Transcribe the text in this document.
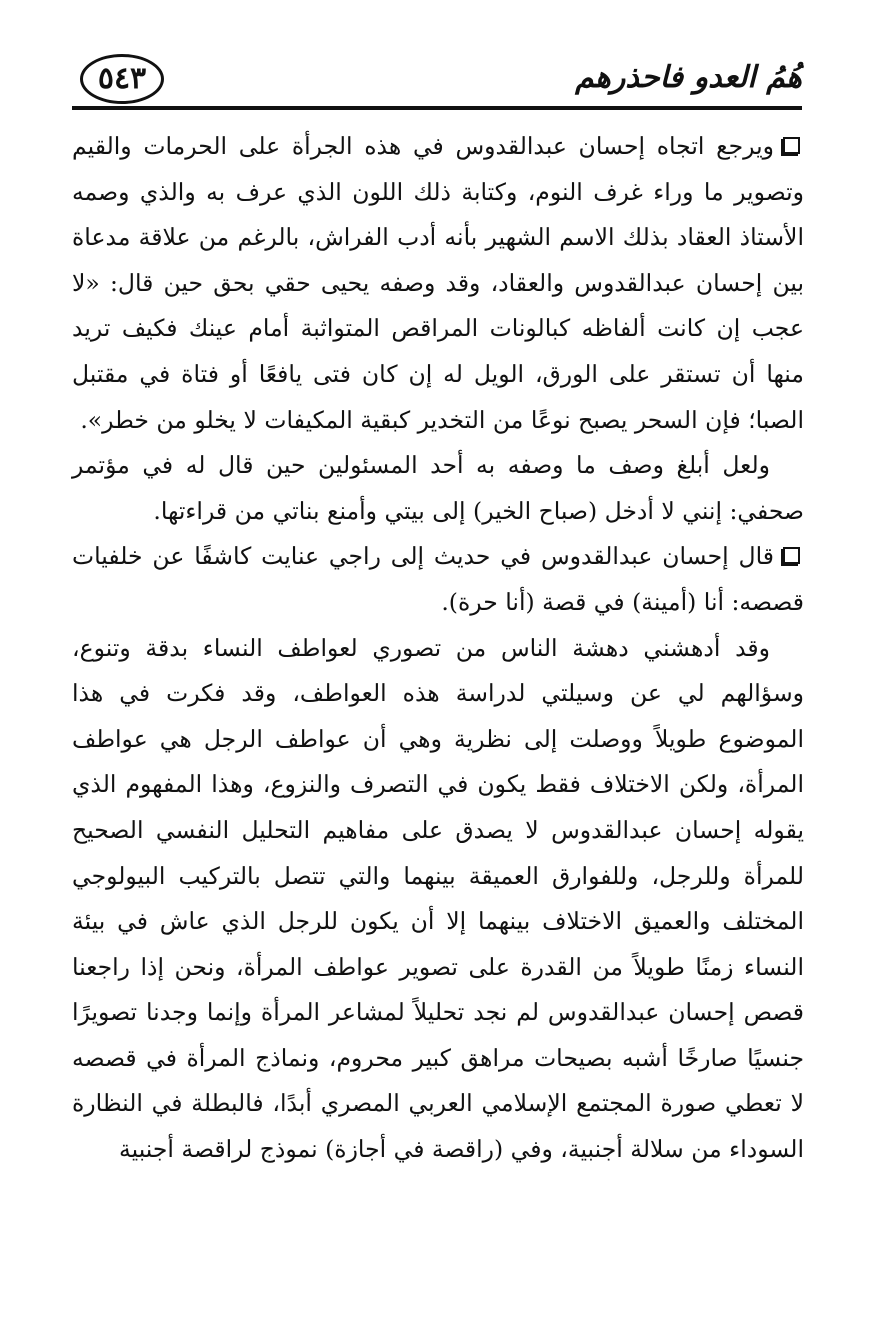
٥٤٣	هُمُ العدو فاحذرهم

ويرجع اتجاه إحسان عبدالقدوس في هذه الجرأة على الحرمات والقيم وتصوير ما وراء غرف النوم، وكتابة ذلك اللون الذي عرف به والذي وصمه الأستاذ العقاد بذلك الاسم الشهير بأنه أدب الفراش، بالرغم من علاقة مدعاة بين إحسان عبدالقدوس والعقاد، وقد وصفه يحيى حقي بحق حين قال: «لا عجب إن كانت ألفاظه كبالونات المراقص المتواثبة أمام عينك فكيف تريد منها أن تستقر على الورق، الويل له إن كان فتى يافعًا أو فتاة في مقتبل الصبا؛ فإن السحر يصبح نوعًا من التخدير كبقية المكيفات لا يخلو من خطر».

ولعل أبلغ وصف ما وصفه به أحد المسئولين حين قال له في مؤتمر صحفي: إنني لا أدخل (صباح الخير) إلى بيتي وأمنع بناتي من قراءتها.

قال إحسان عبدالقدوس في حديث إلى راجي عنايت كاشفًا عن خلفيات قصصه: أنا (أمينة) في قصة (أنا حرة).

وقد أدهشني دهشة الناس من تصوري لعواطف النساء بدقة وتنوع، وسؤالهم لي عن وسيلتي لدراسة هذه العواطف، وقد فكرت في هذا الموضوع طويلاً ووصلت إلى نظرية وهي أن عواطف الرجل هي عواطف المرأة، ولكن الاختلاف فقط يكون في التصرف والنزوع، وهذا المفهوم الذي يقوله إحسان عبدالقدوس لا يصدق على مفاهيم التحليل النفسي الصحيح للمرأة وللرجل، وللفوارق العميقة بينهما والتي تتصل بالتركيب البيولوجي المختلف والعميق الاختلاف بينهما إلا أن يكون للرجل الذي عاش في بيئة النساء زمنًا طويلاً من القدرة على تصوير عواطف المرأة، ونحن إذا راجعنا قصص إحسان عبدالقدوس لم نجد تحليلاً لمشاعر المرأة وإنما وجدنا تصويرًا جنسيًا صارخًا أشبه بصيحات مراهق كبير محروم، ونماذج المرأة في قصصه لا تعطي صورة المجتمع الإسلامي العربي المصري أبدًا، فالبطلة في النظارة السوداء من سلالة أجنبية، وفي (راقصة في أجازة) نموذج لراقصة أجنبية
